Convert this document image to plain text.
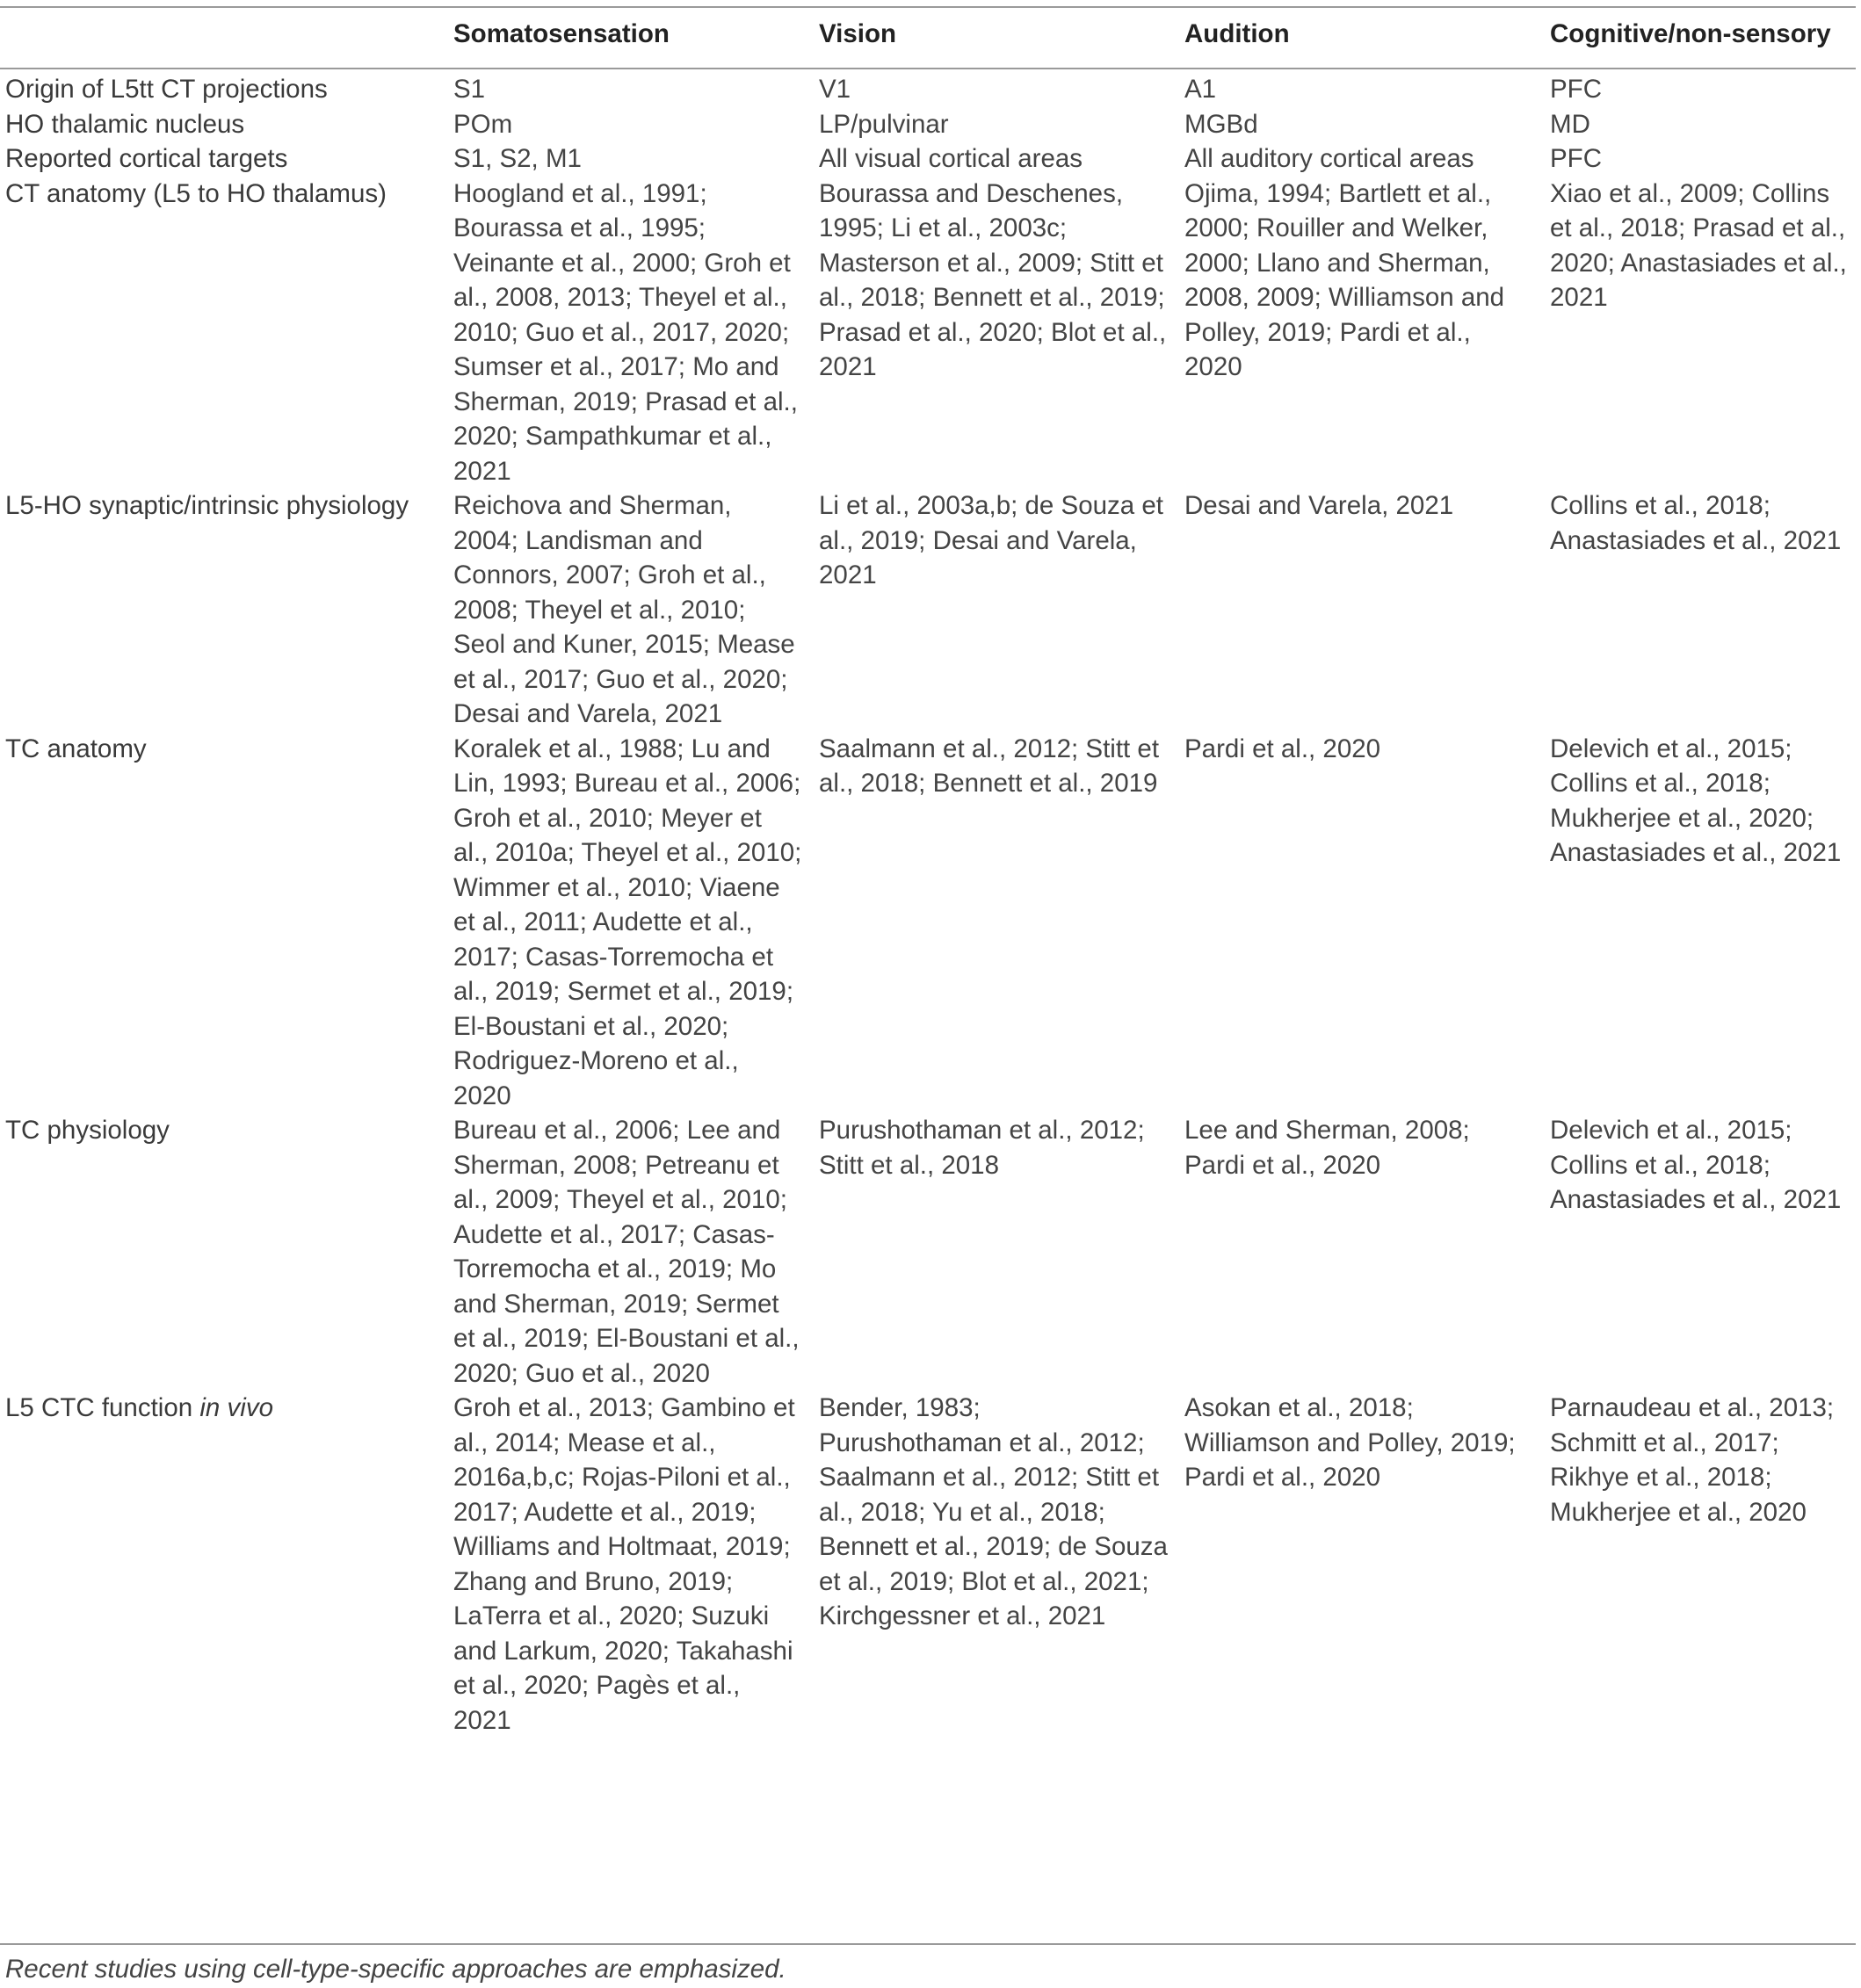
	Somatosensation	Vision	Audition	Cognitive/non-sensory

Origin of L5tt CT projections	S1	V1	A1	PFC
HO thalamic nucleus	POm	LP/pulvinar	MGBd	MD
Reported cortical targets	S1, S2, M1	All visual cortical areas	All auditory cortical areas	PFC
CT anatomy (L5 to HO thalamus)	Hoogland et al., 1991; Bourassa et al., 1995; Veinante et al., 2000; Groh et al., 2008, 2013; Theyel et al., 2010; Guo et al., 2017, 2020; Sumser et al., 2017; Mo and Sherman, 2019; Prasad et al., 2020; Sampathkumar et al., 2021	Bourassa and Deschenes, 1995; Li et al., 2003c; Masterson et al., 2009; Stitt et al., 2018; Bennett et al., 2019; Prasad et al., 2020; Blot et al., 2021	Ojima, 1994; Bartlett et al., 2000; Rouiller and Welker, 2000; Llano and Sherman, 2008, 2009; Williamson and Polley, 2019; Pardi et al., 2020	Xiao et al., 2009; Collins et al., 2018; Prasad et al., 2020; Anastasiades et al., 2021
L5-HO synaptic/intrinsic physiology	Reichova and Sherman, 2004; Landisman and Connors, 2007; Groh et al., 2008; Theyel et al., 2010; Seol and Kuner, 2015; Mease et al., 2017; Guo et al., 2020; Desai and Varela, 2021	Li et al., 2003a,b; de Souza et al., 2019; Desai and Varela, 2021	Desai and Varela, 2021	Collins et al., 2018; Anastasiades et al., 2021
TC anatomy	Koralek et al., 1988; Lu and Lin, 1993; Bureau et al., 2006; Groh et al., 2010; Meyer et al., 2010a; Theyel et al., 2010; Wimmer et al., 2010; Viaene et al., 2011; Audette et al., 2017; Casas-Torremocha et al., 2019; Sermet et al., 2019; El-Boustani et al., 2020; Rodriguez-Moreno et al., 2020	Saalmann et al., 2012; Stitt et al., 2018; Bennett et al., 2019	Pardi et al., 2020	Delevich et al., 2015; Collins et al., 2018; Mukherjee et al., 2020; Anastasiades et al., 2021
TC physiology	Bureau et al., 2006; Lee and Sherman, 2008; Petreanu et al., 2009; Theyel et al., 2010; Audette et al., 2017; Casas-Torremocha et al., 2019; Mo and Sherman, 2019; Sermet et al., 2019; El-Boustani et al., 2020; Guo et al., 2020	Purushothaman et al., 2012; Stitt et al., 2018	Lee and Sherman, 2008; Pardi et al., 2020	Delevich et al., 2015; Collins et al., 2018; Anastasiades et al., 2021
L5 CTC function in vivo	Groh et al., 2013; Gambino et al., 2014; Mease et al., 2016a,b,c; Rojas-Piloni et al., 2017; Audette et al., 2019; Williams and Holtmaat, 2019; Zhang and Bruno, 2019; LaTerra et al., 2020; Suzuki and Larkum, 2020; Takahashi et al., 2020; Pagès et al., 2021	Bender, 1983; Purushothaman et al., 2012; Saalmann et al., 2012; Stitt et al., 2018; Yu et al., 2018; Bennett et al., 2019; de Souza et al., 2019; Blot et al., 2021; Kirchgessner et al., 2021	Asokan et al., 2018; Williamson and Polley, 2019; Pardi et al., 2020	Parnaudeau et al., 2013; Schmitt et al., 2017; Rikhye et al., 2018; Mukherjee et al., 2020
Recent studies using cell-type-specific approaches are emphasized.
